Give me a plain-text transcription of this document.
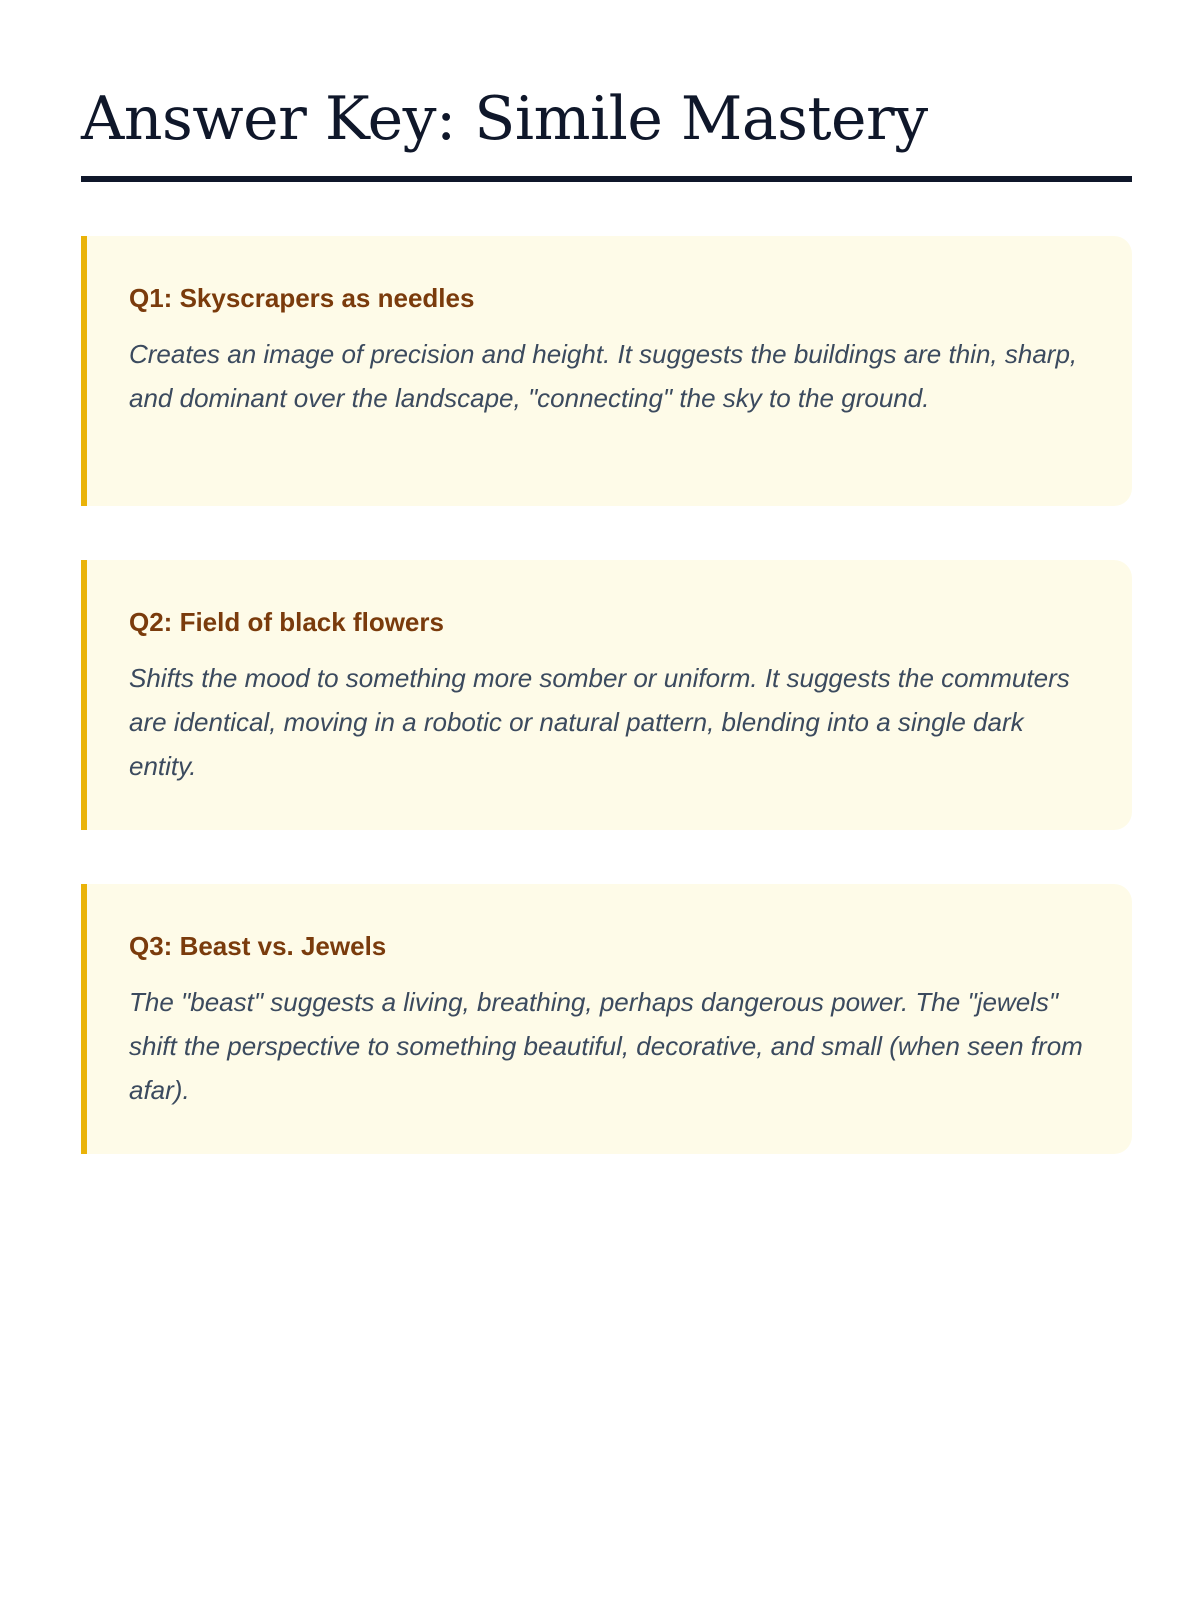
Answer Key: Simile Mastery
Q1: Skyscrapers as needles

Creates an image of precision and height. It suggests the buildings are thin, sharp, and dominant over the landscape, "connecting" the sky to the ground.

Q2: Field of black flowers

Shifts the mood to something more somber or uniform. It suggests the commuters are identical, moving in a robotic or natural pattern, blending into a single dark entity.

Q3: Beast vs. Jewels

The "beast" suggests a living, breathing, perhaps dangerous power. The "jewels" shift the perspective to something beautiful, decorative, and small (when seen from afar).
